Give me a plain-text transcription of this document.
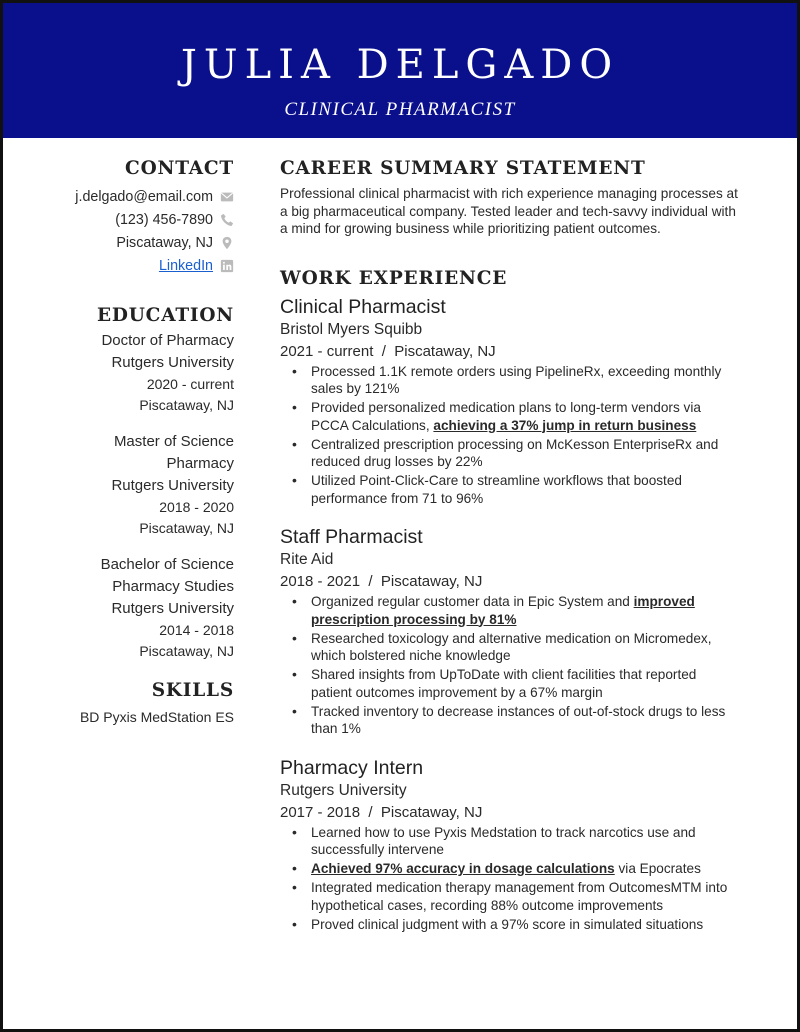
JULIA DELGADO
CLINICAL PHARMACIST
CONTACT
j.delgado@email.com
(123) 456-7890
Piscataway, NJ
LinkedIn
EDUCATION
Doctor of Pharmacy
Rutgers University
2020 - current
Piscataway, NJ
Master of Science
Pharmacy
Rutgers University
2018 - 2020
Piscataway, NJ
Bachelor of Science
Pharmacy Studies
Rutgers University
2014 - 2018
Piscataway, NJ
SKILLS
BD Pyxis MedStation ES
CAREER SUMMARY STATEMENT

Professional clinical pharmacist with rich experience managing processes at a big pharmaceutical company. Tested leader and tech-savvy individual with a mind for growing business while prioritizing patient outcomes.

WORK EXPERIENCE
Clinical Pharmacist
Bristol Myers Squibb
2021 - current  /  Piscataway, NJ
• Processed 1.1K remote orders using PipelineRx, exceeding monthly sales by 121%
• Provided personalized medication plans to long-term vendors via PCCA Calculations, achieving a 37% jump in return business
• Centralized prescription processing on McKesson EnterpriseRx and reduced drug losses by 22%
• Utilized Point-Click-Care to streamline workflows that boosted performance from 71 to 96%
Staff Pharmacist
Rite Aid
2018 - 2021  /  Piscataway, NJ
• Organized regular customer data in Epic System and improved prescription processing by 81%
• Researched toxicology and alternative medication on Micromedex, which bolstered niche knowledge
• Shared insights from UpToDate with client facilities that reported patient outcomes improvement by a 67% margin
• Tracked inventory to decrease instances of out-of-stock drugs to less than 1%
Pharmacy Intern
Rutgers University
2017 - 2018  /  Piscataway, NJ
• Learned how to use Pyxis Medstation to track narcotics use and successfully intervene
• Achieved 97% accuracy in dosage calculations via Epocrates
• Integrated medication therapy management from OutcomesMTM into hypothetical cases, recording 88% outcome improvements
• Proved clinical judgment with a 97% score in simulated situations
